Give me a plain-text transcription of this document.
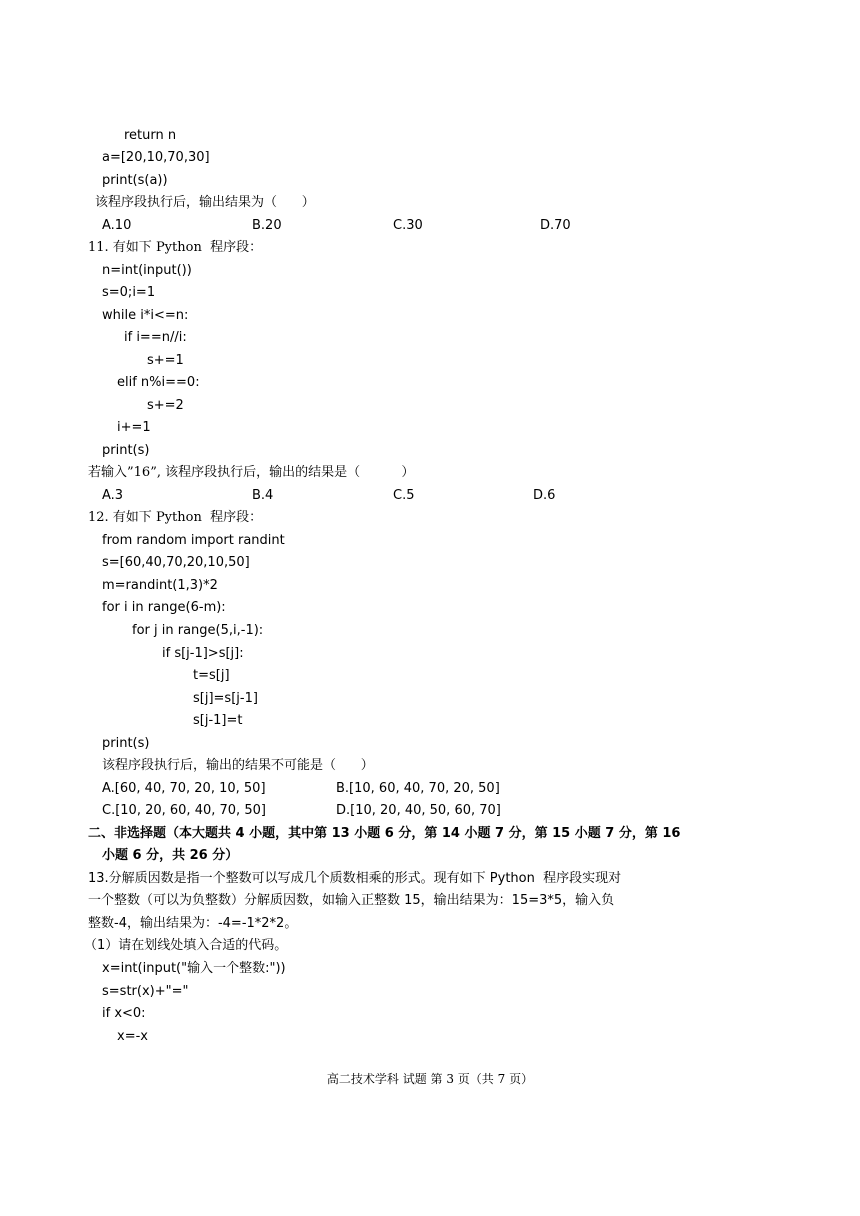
return n
a=[20,10,70,30]
print(s(a))
该程序段执行后，输出结果为（      ）
A.10	B.20	C.30	D.70
11. 有如下 Python  程序段：
n=int(input())
s=0;i=1
while i*i<=n:
if i==n//i:
s+=1
elif n%i==0:
s+=2
i+=1
print(s)
若输入”16”, 该程序段执行后，输出的结果是（          ）
A.3	B.4	C.5	D.6
12. 有如下 Python  程序段：
from random import randint
s=[60,40,70,20,10,50]
m=randint(1,3)*2
for i in range(6-m):
for j in range(5,i,-1):
if s[j-1]>s[j]:
t=s[j]
s[j]=s[j-1]
s[j-1]=t
print(s)
该程序段执行后，输出的结果不可能是（      ）
A.[60, 40, 70, 20, 10, 50]	B.[10, 60, 40, 70, 20, 50]
C.[10, 20, 60, 40, 70, 50]	D.[10, 20, 40, 50, 60, 70]
二、非选择题（本大题共 4 小题，其中第 13 小题 6 分，第 14 小题 7 分，第 15 小题 7 分，第 16
小题 6 分，共 26 分）
13.分解质因数是指一个整数可以写成几个质数相乘的形式。现有如下 Python  程序段实现对
一个整数（可以为负整数）分解质因数，如输入正整数 15，输出结果为：15=3*5，输入负
整数-4，输出结果为：-4=-1*2*2。
（1）请在划线处填入合适的代码。
x=int(input("输入一个整数:"))
s=str(x)+"="
if x<0:
x=-x
高二技术学科 试题 第 3 页（共 7 页）
